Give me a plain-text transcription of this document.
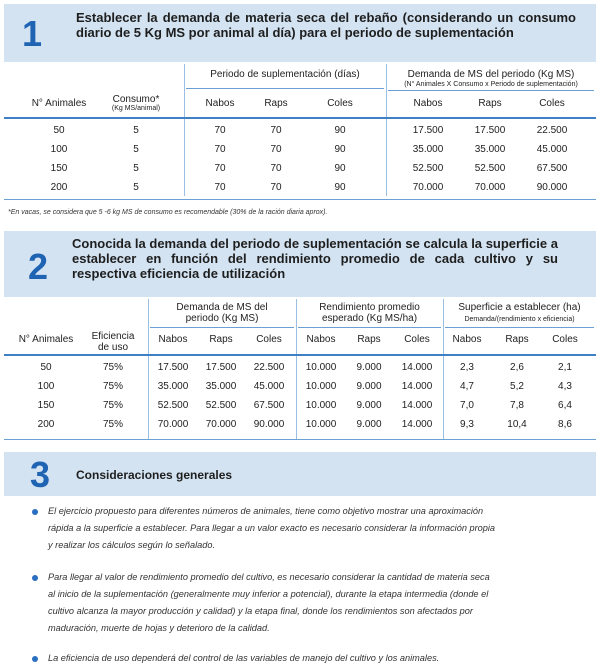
1	Establecer la demanda de materia seca del rebaño (considerando un consumo diario de 5 Kg MS por animal al día) para el periodo de suplementación
Periodo de suplementación (días)	Demanda de MS del periodo (Kg MS)
(N° Animales X Consumo x Periodo de suplementación)
N° Animales	Consumo*
(Kg MS/animal)	Nabos	Raps	Coles	Nabos	Raps	Coles
50	5	70	70	90	17.500	17.500	22.500
100	5	70	70	90	35.000	35.000	45.000
150	5	70	70	90	52.500	52.500	67.500
200	5	70	70	90	70.000	70.000	90.000
*En vacas, se considera que 5 -6 kg MS de consumo es recomendable (30% de la ración diaria aprox).
2
Conocida la demanda del periodo de suplementación se calcula la superficie a establecer en función del rendimiento promedio de cada cultivo y su respectiva eficiencia de utilización
Demanda de MS del
periodo (Kg MS)
Rendimiento promedio
esperado (Kg MS/ha)
Superficie a establecer (ha)
Demanda/(rendimiento x eficiencia)
N° Animales	Eficiencia
de uso
Nabos	Raps	Coles	Nabos	Raps	Coles	Nabos	Raps	Coles
50	75%	17.500	17.500	22.500	10.000	9.000	14.000	2,3	2,6	2,1
100	75%	35.000	35.000	45.000	10.000	9.000	14.000	4,7	5,2	4,3
150	75%	52.500	52.500	67.500	10.000	9.000	14.000	7,0	7,8	6,4
200	75%	70.000	70.000	90.000	10.000	9.000	14.000	9,3	10,4	8,6
3 Consideraciones generales
El ejercicio propuesto para diferentes números de animales, tiene como objetivo mostrar una aproximación
rápida a la superficie a establecer. Para llegar a un valor exacto es necesario considerar la información propia
y realizar los cálculos según lo señalado.
Para llegar al valor de rendimiento promedio del cultivo, es necesario considerar la cantidad de materia seca
al inicio de la suplementación (generalmente muy inferior a potencial), durante la etapa intermedia (donde el
cultivo alcanza la mayor producción y calidad) y la etapa final, donde los rendimientos son afectados por
maduración, muerte de hojas y deterioro de la calidad.
La eficiencia de uso dependerá del control de las variables de manejo del cultivo y los animales.
